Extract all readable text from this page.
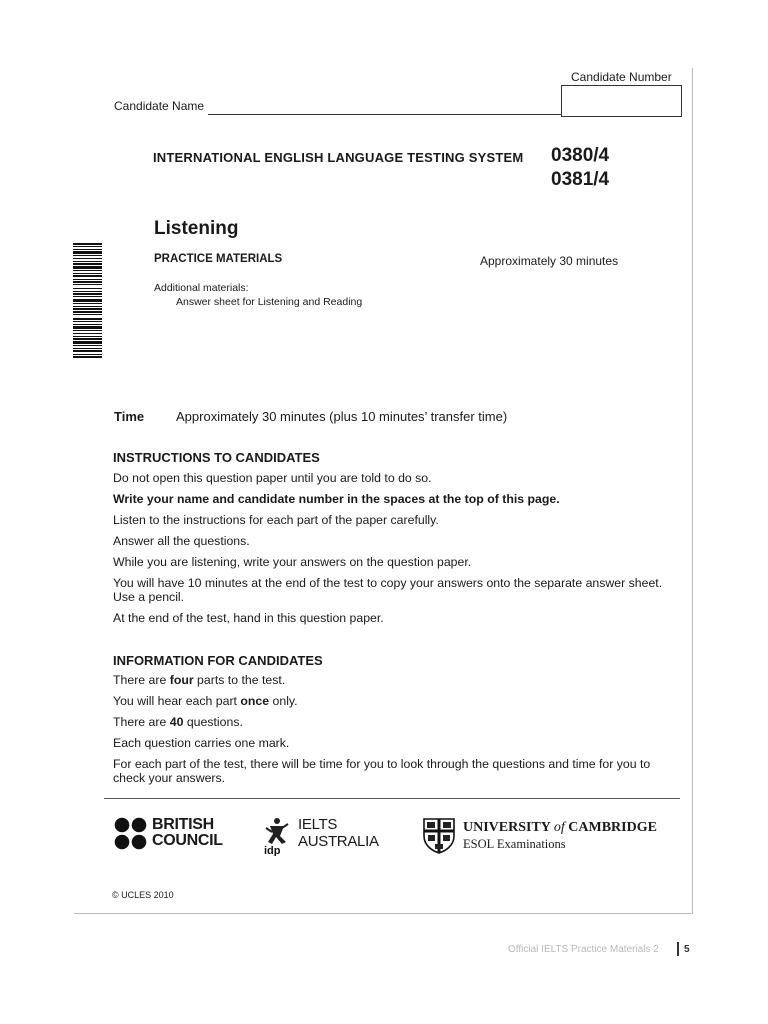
Candidate Number
Candidate Name
INTERNATIONAL ENGLISH LANGUAGE TESTING SYSTEM 0380/4
0381/4
Listening
PRACTICE MATERIALS	Approximately 30 minutes
Additional materials:
Answer sheet for Listening and Reading
Time Approximately 30 minutes (plus 10 minutes’ transfer time)
INSTRUCTIONS TO CANDIDATES
Do not open this question paper until you are told to do so.
Write your name and candidate number in the spaces at the top of this page.
Listen to the instructions for each part of the paper carefully.
Answer all the questions.
While you are listening, write your answers on the question paper.
You will have 10 minutes at the end of the test to copy your answers onto the separate answer sheet. Use a pencil.
At the end of the test, hand in this question paper.
INFORMATION FOR CANDIDATES
There are four parts to the test.
You will hear each part once only.
There are 40 questions.
Each question carries one mark.
For each part of the test, there will be time for you to look through the questions and time for you to check your answers.
BRITISH
COUNCIL
idp
IELTS
AUSTRALIA
UNIVERSITY of CAMBRIDGE
ESOL Examinations
© UCLES 2010
Official IELTS Practice Materials 2	5
